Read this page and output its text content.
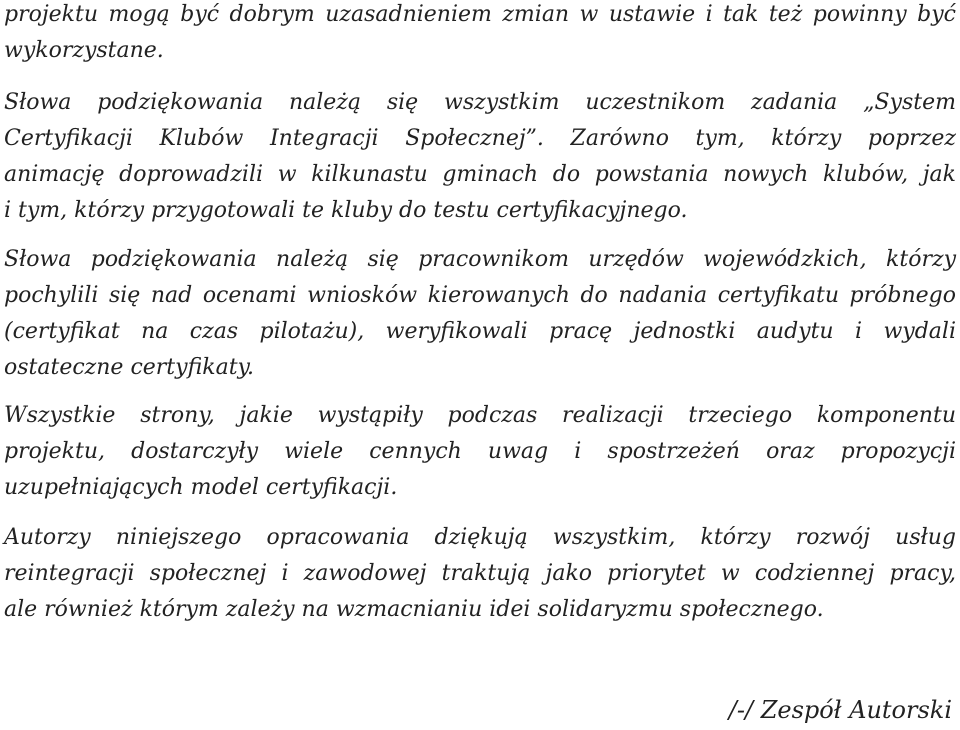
projektu mogą być dobrym uzasadnieniem zmian w ustawie i tak też powinny być
wykorzystane.
Słowa podziękowania należą się wszystkim uczestnikom zadania „System
Certyfikacji Klubów Integracji Społecznej”. Zarówno tym, którzy poprzez
animację doprowadzili w kilkunastu gminach do powstania nowych klubów, jak
i tym, którzy przygotowali te kluby do testu certyfikacyjnego.
Słowa podziękowania należą się pracownikom urzędów wojewódzkich, którzy
pochylili się nad ocenami wniosków kierowanych do nadania certyfikatu próbnego
(certyfikat na czas pilotażu), weryfikowali pracę jednostki audytu i wydali
ostateczne certyfikaty.
Wszystkie strony, jakie wystąpiły podczas realizacji trzeciego komponentu
projektu, dostarczyły wiele cennych uwag i spostrzeżeń oraz propozycji
uzupełniających model certyfikacji.
Autorzy niniejszego opracowania dziękują wszystkim, którzy rozwój usług
reintegracji społecznej i zawodowej traktują jako priorytet w codziennej pracy,
ale również którym zależy na wzmacnianiu idei solidaryzmu społecznego.
/-/ Zespół Autorski
